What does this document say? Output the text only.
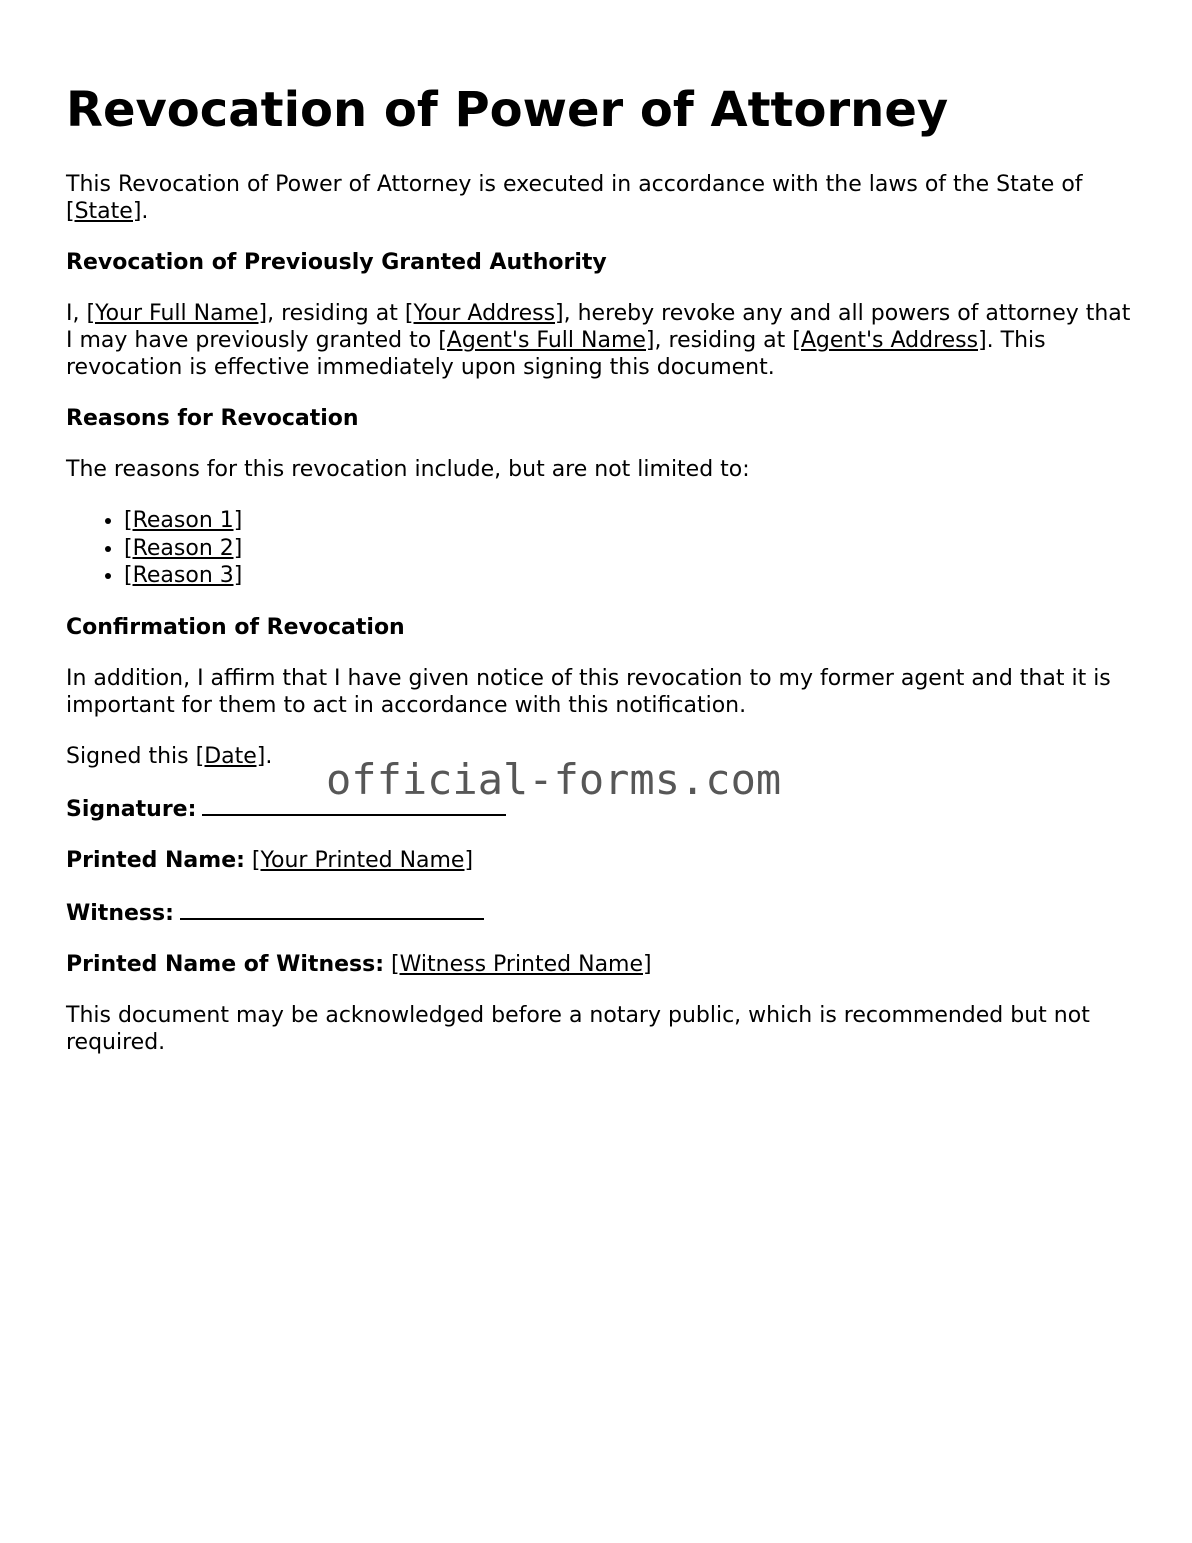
Revocation of Power of Attorney

This Revocation of Power of Attorney is executed in accordance with the laws of the State of [State].

Revocation of Previously Granted Authority

I, [Your Full Name], residing at [Your Address], hereby revoke any and all powers of attorney that I may have previously granted to [Agent's Full Name], residing at [Agent's Address]. This revocation is effective immediately upon signing this document.

Reasons for Revocation

The reasons for this revocation include, but are not limited to:

• [Reason 1]
• [Reason 2]
• [Reason 3]
Confirmation of Revocation

In addition, I affirm that I have given notice of this revocation to my former agent and that it is important for them to act in accordance with this notification.

Signed this [Date].

Signature:

Printed Name: [Your Printed Name]

Witness:

Printed Name of Witness: [Witness Printed Name]

This document may be acknowledged before a notary public, which is recommended but not required.

official-forms.com
